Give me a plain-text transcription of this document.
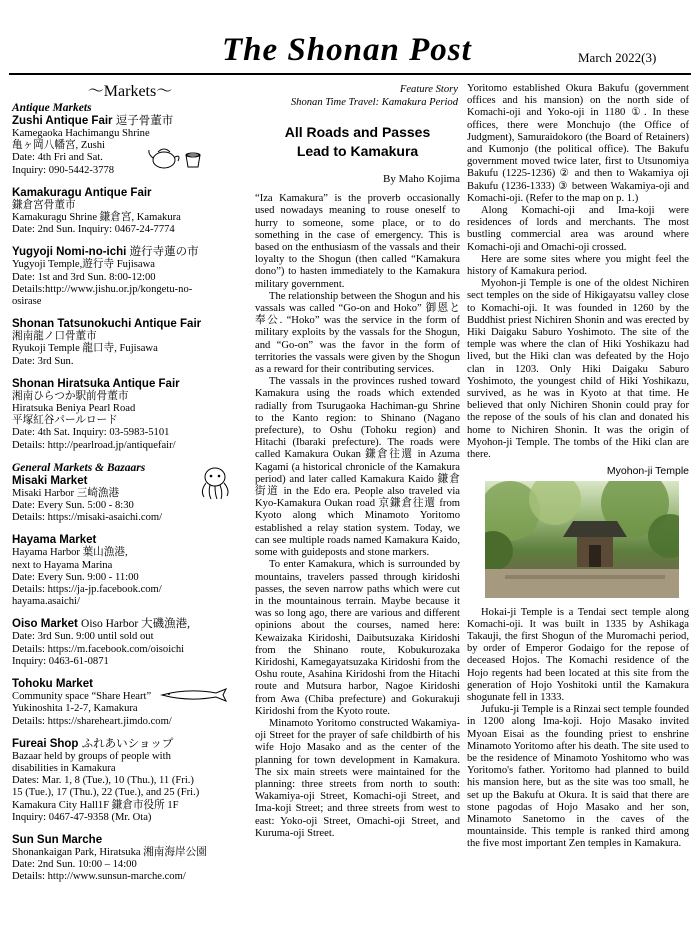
The Shonan Post	March 2022(3)
〜Markets〜
Antique Markets
Zushi Antique Fair 逗子骨董市
Kamegaoka Hachimangu Shrine
亀ヶ岡八幡宮, Zushi
Date: 4th Fri and Sat.
Inquiry: 090-5442-3778
Kamakuragu Antique Fair
鎌倉宮骨董市
Kamakuragu Shrine 鎌倉宮, Kamakura
Date: 2nd Sun. Inquiry: 0467-24-7774
Yugyoji Nomi-no-ichi 遊行寺蓮の市
Yugyoji Temple,遊行寺 Fujisawa
Date: 1st and 3rd Sun. 8:00-12:00
Details:http://www.jishu.or.jp/kongetu-no-
osirase
Shonan Tatsunokuchi Antique Fair
湘南龍ノ口骨董市
Ryukoji Temple 龍口寺, Fujisawa
Date: 3rd Sun.
Shonan Hiratsuka Antique Fair
湘南ひらつか駅前骨董市
Hiratsuka Beniya Pearl Road
平塚紅谷パールロード
Date: 4th Sat. Inquiry: 03-5983-5101
Details: http://pearlroad.jp/antiquefair/
General Markets & Bazaars
Misaki Market
Misaki Harbor 三崎漁港
Date: Every Sun. 5:00 - 8:30
Details: https://misaki-asaichi.com/
Hayama Market
Hayama Harbor 葉山漁港,
next to Hayama Marina
Date: Every Sun. 9:00 - 11:00
Details: https://ja-jp.facebook.com/
hayama.asaichi/
Oiso Market Oiso Harbor 大磯漁港,
Date: 3rd Sun. 9:00 until sold out
Details: https://m.facebook.com/oisoichi
Inquiry: 0463-61-0871
Tohoku Market
Community space “Share Heart”
Yukinoshita 1-2-7, Kamakura
Details: https://shareheart.jimdo.com/
Fureai Shop ふれあいショップ
Bazaar held by groups of people with
disabilities in Kamakura
Dates: Mar. 1, 8 (Tue.), 10 (Thu.), 11 (Fri.)
15 (Tue.), 17 (Thu.), 22 (Tue.), and 25 (Fri.)
Kamakura City Hall1F 鎌倉市役所 1F
Inquiry: 0467-47-9358 (Mr. Ota)
Sun Sun Marche
Shonankaigan Park, Hiratsuka 湘南海岸公園
Date: 2nd Sun. 10:00 – 14:00
Details: http://www.sunsun-marche.com/
Feature Story
Shonan Time Travel: Kamakura Period
All Roads and Passes
Lead to Kamakura
By Maho Kojima

“Iza Kamakura” is the proverb occasionally used nowadays meaning to rouse oneself to hurry to someone, some place, or to do something in the case of emergency. This is based on the enthusiasm of the vassals and their loyalty to the Shogun (then called “Kamakura dono”) to hasten immediately to the Kamakura military government.

The relationship between the Shogun and his vassals was called “Go-on and Hoko” 御恩と奉公. “Hoko” was the service in the form of military exploits by the vassals for the Shogun, and “Go-on” was the favor in the form of territories the vassals were given by the Shogun as a reward for their contributing services.

The vassals in the provinces rushed toward Kamakura using the roads which extended radially from Tsurugaoka Hachiman-gu Shrine to the Kanto region: to Shinano (Nagano prefecture), to Oshu (Tohoku region) and Hitachi (Ibaraki prefecture). The roads were called Kamakura Oukan 鎌倉往還 in Azuma Kagami (a historical chronicle of the Kamakura period) and later called Kamakura Kaido 鎌倉街道 in the Edo era. People also traveled via Kyo-Kamakura Oukan road 京鎌倉往還 from Kyoto along which Minamoto Yoritomo established a relay station system. Today, we can see multiple roads named Kamakura Kaido, some with guideposts and stone markers.

To enter Kamakura, which is surrounded by mountains, travelers passed through kiridoshi passes, the seven narrow paths which were cut in the mountainous terrain. Maybe because it was so long ago, there are various and different opinions about the courses, named here: Kewaizaka Kiridoshi, Daibutsuzaka Kiridoshi from the Shinano route, Kobukurozaka Kiridoshi, Kamegayatsuzaka Kiridoshi from the Oshu route, Asahina Kiridoshi from the Hitachi route and Mutsura harbor, Nagoe Kiridoshi from Awa (Chiba prefecture) and Gokurakuji Kiridoshi from the Kyoto route.

Minamoto Yoritomo constructed Wakamiya-oji Street for the prayer of safe childbirth of his wife Hojo Masako and as the center of the planning for town development in Kamakura. The six main streets were maintained for the planning: three streets from north to south: Wakamiya-oji Street, Komachi-oji Street, and Ima-koji Street; and three streets from west to east: Yoko-oji Street, Omachi-oji Street, and Kuruma-oji Street.

Yoritomo established Okura Bakufu (government offices and his mansion) on the north side of Komachi-oji and Yoko-oji in 1180 ①. In these offices, there were Monchujo (the Office of Judgment), Samuraidokoro (the Board of Retainers) and Kumonjo (the political office). The Bakufu government moved twice later, first to Utsunomiya Bakufu (1225-1236) ② and then to Wakamiya oji Bakufu (1236-1333) ③ between Wakamiya-oji and Komachi-oji. (Refer to the map on p. 1.)

Along Komachi-oji and Ima-koji were residences of lords and merchants. The most bustling commercial area was around where Komachi-oji and Omachi-oji crossed.

Here are some sites where you might feel the history of Kamakura period.

Myohon-ji Temple is one of the oldest Nichiren sect temples on the side of Hikigayatsu valley close to Komachi-oji. It was founded in 1260 by the Buddhist priest Nichiren Shonin and was erected by Hiki Daigaku Saburo Yoshimoto. The site of the temple was where the clan of Hiki Yoshikazu had lived, but the Hiki clan was defeated by the Hojo clan in 1203. Only Hiki Daigaku Saburo Yoshimoto, the youngest child of Hiki Yoshikazu, survived, as he was in Kyoto at that time. He believed that only Nichiren Shonin could pray for the repose of the souls of his clan and donated his home to Nichiren Shonin. It was the origin of Myohon-ji Temple. The tombs of the Hiki clan are there.

Myohon-ji Temple

Hokai-ji Temple is a Tendai sect temple along Komachi-oji. It was built in 1335 by Ashikaga Takauji, the first Shogun of the Muromachi period, by order of Emperor Godaigo for the repose of deceased Hojos. The Komachi residence of the Hojo regents had been located at this site from the generation of Hojo Yoshitoki until the Kamakura shogunate fell in 1333.

Jufuku-ji Temple is a Rinzai sect temple founded in 1200 along Ima-koji. Hojo Masako invited Myoan Eisai as the founding priest to enshrine Minamoto Yoritomo after his death. The site used to be the residence of Minamoto Yoshitomo who was Yoritomo's father. Yoritomo had planned to build his mansion here, but as the site was too small, he set up the Bakufu at Okura. It is said that there are stone pagodas of Hojo Masako and her son, Minamoto Sanetomo in the caves of the mountainside. This temple is ranked third among the five most important Zen temples in Kamakura.
